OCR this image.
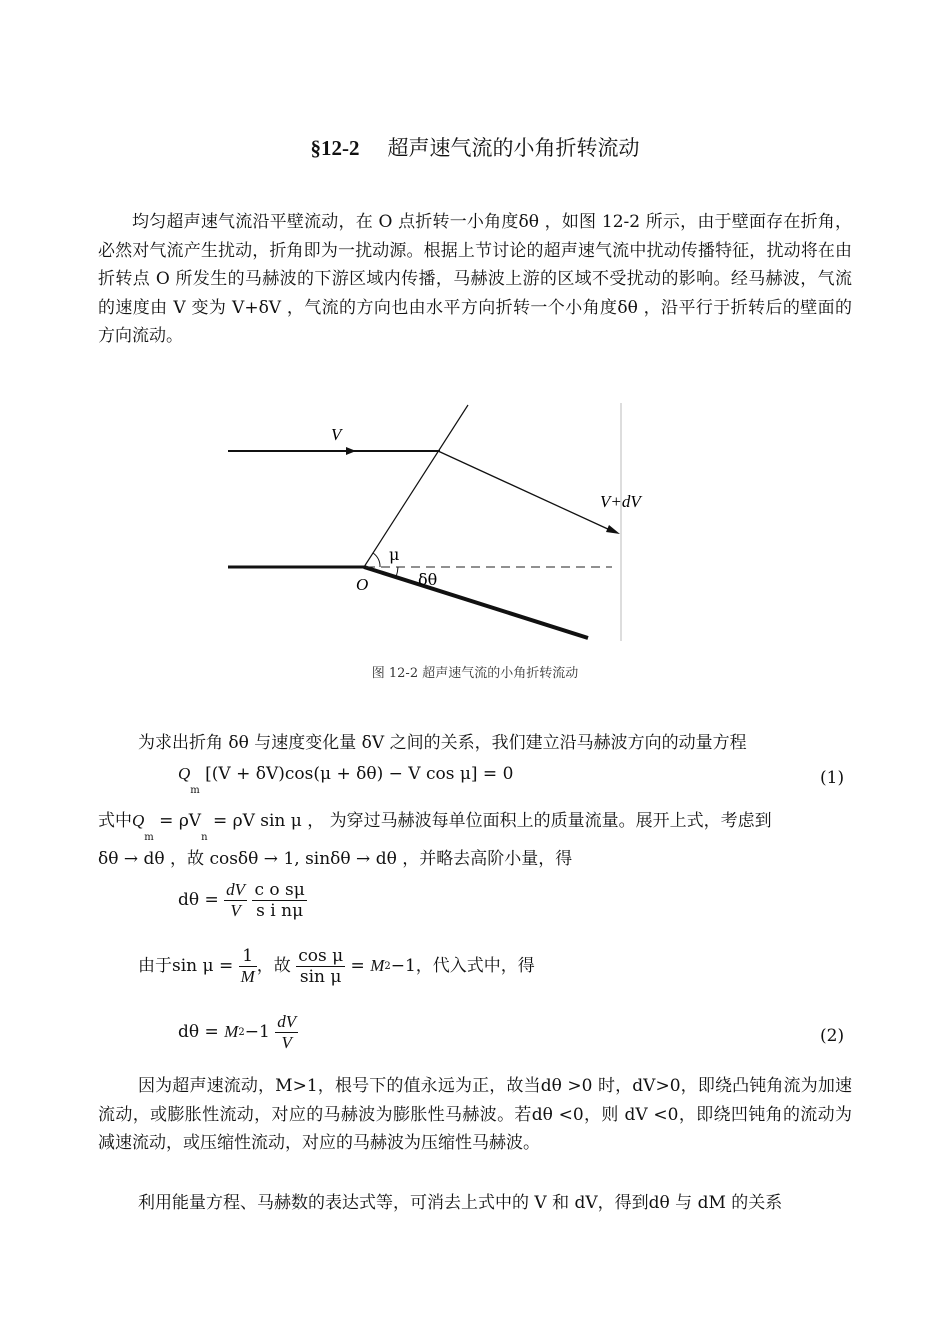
§12-2 超声速气流的小角折转流动
均匀超声速气流沿平壁流动，在 O 点折转一小角度δθ ，如图 12-2 所示，由于壁面存在折角，必然对气流产生扰动，折角即为一扰动源。根据上节讨论的超声速气流中扰动传播特征，扰动将在由折转点 O 所发生的马赫波的下游区域内传播，马赫波上游的区域不受扰动的影响。经马赫波，气流的速度由 V 变为 V+δV ，气流的方向也由水平方向折转一个小角度δθ ，沿平行于折转后的壁面的方向流动。
V
V+dV
μ
O	δθ
图 12-2 超声速气流的小角折转流动
为求出折角 δθ 与速度变化量 δV 之间的关系，我们建立沿马赫波方向的动量方程
$Q_m$ [(V + δV)cos(μ + δθ) − V cos μ] = 0	(1)
式中$Q_m = \rho V_n = \rho V$ sin μ ， 为穿过马赫波每单位面积上的质量流量。展开上式，考虑到
δθ → dθ ，故 cosδθ → 1, sinδθ → dθ ，并略去高阶小量，得
$d\theta = \frac{dV}{V}$
$\frac{\text{c o sμ}}{\text{s i nμ}}$
由于$\sin \mu = \frac{1}{M}$ ，故 $\frac{\text{cos μ}}{\text{sin μ}} = M2-1$，代入式中，得
$d\theta = M2-1 \frac{dV}{V}$	(2)
因为超声速流动，M>1，根号下的值永远为正，故当dθ >0 时，dV>0，即绕凸钝角流为加速流动，或膨胀性流动，对应的马赫波为膨胀性马赫波。若dθ <0，则 dV <0，即绕凹钝角的流动为减速流动，或压缩性流动，对应的马赫波为压缩性马赫波。
利用能量方程、马赫数的表达式等，可消去上式中的 V 和 dV，得到dθ 与 dM 的关系
